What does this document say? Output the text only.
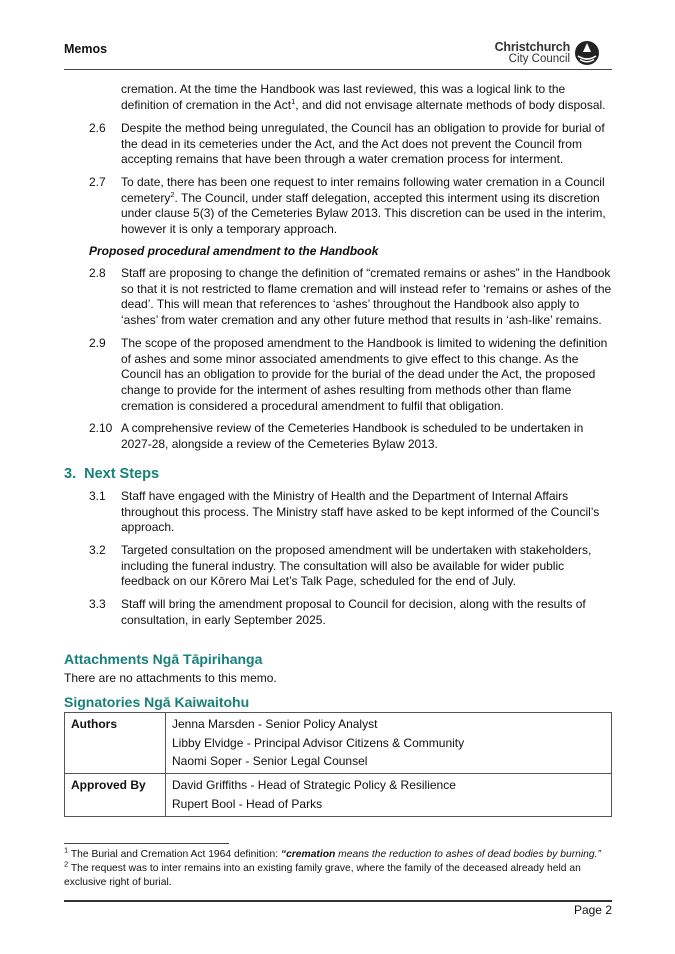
Memos	Christchurch
City Council
cremation. At the time the Handbook was last reviewed, this was a logical link to the definition of cremation in the Act$^1$, and did not envisage alternate methods of body disposal.
2.6 Despite the method being unregulated, the Council has an obligation to provide for burial of the dead in its cemeteries under the Act, and the Act does not prevent the Council from accepting remains that have been through a water cremation process for interment.
2.7 To date, there has been one request to inter remains following water cremation in a Council cemetery$^2$. The Council, under staff delegation, accepted this interment using its discretion under clause 5(3) of the Cemeteries Bylaw 2013. This discretion can be used in the interim, however it is only a temporary approach.
Proposed procedural amendment to the Handbook
2.8 Staff are proposing to change the definition of “cremated remains or ashes” in the Handbook so that it is not restricted to flame cremation and will instead refer to ‘remains or ashes of the dead’. This will mean that references to ‘ashes’ throughout the Handbook also apply to ‘ashes’ from water cremation and any other future method that results in ‘ash-like’ remains.
2.9 The scope of the proposed amendment to the Handbook is limited to widening the definition of ashes and some minor associated amendments to give effect to this change. As the Council has an obligation to provide for the burial of the dead under the Act, the proposed change to provide for the interment of ashes resulting from methods other than flame cremation is considered a procedural amendment to fulfil that obligation.
2.10 A comprehensive review of the Cemeteries Handbook is scheduled to be undertaken in 2027-28, alongside a review of the Cemeteries Bylaw 2013.
3. Next Steps
3.1 Staff have engaged with the Ministry of Health and the Department of Internal Affairs throughout this process. The Ministry staff have asked to be kept informed of the Council’s approach.
3.2 Targeted consultation on the proposed amendment will be undertaken with stakeholders, including the funeral industry. The consultation will also be available for wider public feedback on our Kōrero Mai Let’s Talk Page, scheduled for the end of July.
3.3 Staff will bring the amendment proposal to Council for decision, along with the results of consultation, in early September 2025.
Attachments Ngā Tāpirihanga
There are no attachments to this memo.
Signatories Ngā Kaiwaitohu
Authors	Jenna Marsden - Senior Policy Analyst
Libby Elvidge - Principal Advisor Citizens & Community
Naomi Soper - Senior Legal Counsel

Approved By	David Griffiths - Head of Strategic Policy & Resilience
Rupert Bool - Head of Parks
$^1$ The Burial and Cremation Act 1964 definition: “cremation means the reduction to ashes of dead bodies by burning.”
$^2$ The request was to inter remains into an existing family grave, where the family of the deceased already held an exclusive right of burial.
Page 2
